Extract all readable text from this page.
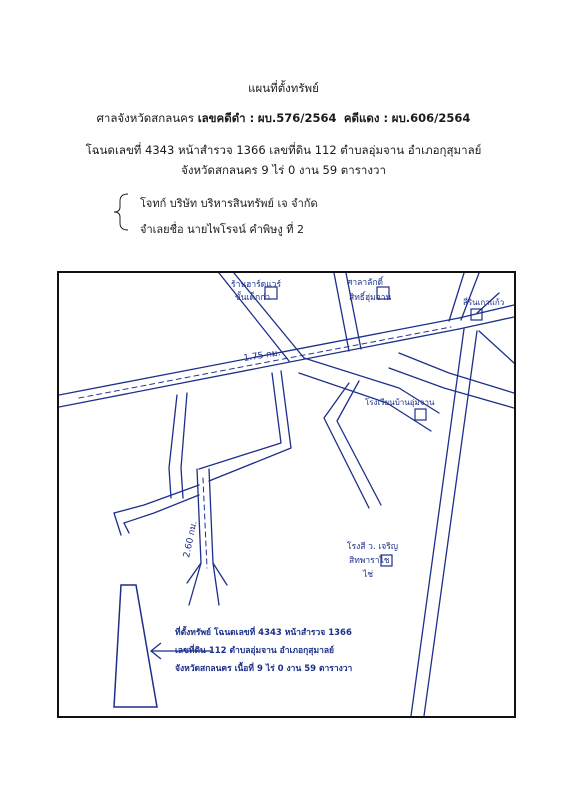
แผนที่ตั้งทรัพย์
ศาลจังหวัดสกลนคร เลขคดีดำ : ผบ.576/2564 คดีแดง : ผบ.606/2564
โฉนดเลขที่ 4343 หน้าสำรวจ 1366 เลขที่ดิน 112 ตำบลอุ่มจาน อำเภอกุสุมาลย์
จังหวัดสกลนคร 9 ไร่ 0 งาน 59 ตารางวา
โจทก์ บริษัท บริหารสินทรัพย์ เจ จำกัด
จำเลยชื่อ นายไพโรจน์ คำพิษงู ที่ 2
1.75 กม.
2.60 กม.
ร้านฮาร์ดแวร์
ขั้นเด็กก่า
ศาลาลักดิ์
สิทธิ์ฮุ่มจาน	สี่รินเกาแก้ว
โรงเรียนบ้านอุ่มจาน
โรงสี ว. เจริญ
สิทพาราไช
ไช่
ที่ตั้งทรัพย์ โฉนดเลขที่ 4343 หน้าสำรวจ 1366
เลขที่ดิน 112 ตำบลอุ่มจาน อำเภอกุสุมาลย์
จังหวัดสกลนคร เนื้อที่ 9 ไร่ 0 งาน 59 ตารางวา
